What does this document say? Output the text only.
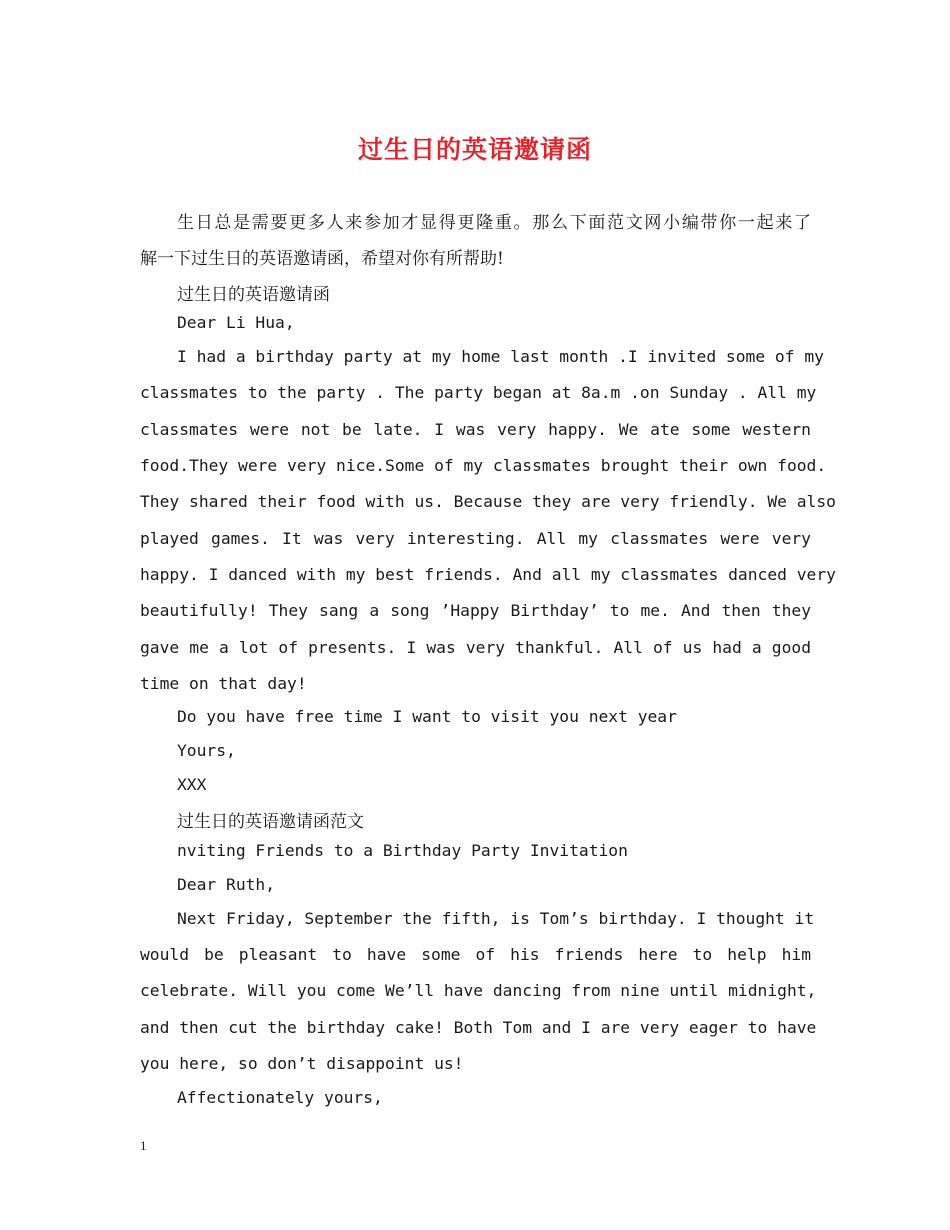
过生日的英语邀请函

生日总是需要更多人来参加才显得更隆重。那么下面范文网小编带你一起来了

解一下过生日的英语邀请函，希望对你有所帮助!

过生日的英语邀请函

Dear Li Hua,

I had a birthday party at my home last month .I invited some of my

classmates to the party . The party began at 8a.m .on Sunday . All my

classmates were not be late. I was very happy. We ate some western

food.They were very nice.Some of my classmates brought their own food.

They shared their food with us. Because they are very friendly. We also

played games. It was very interesting. All my classmates were very

happy. I danced with my best friends. And all my classmates danced very

beautifully! They sang a song ’Happy Birthday’ to me. And then they

gave me a lot of presents. I was very thankful. All of us had a good

time on that day!

Do you have free time I want to visit you next year

Yours,

XXX

过生日的英语邀请函范文

nviting Friends to a Birthday Party Invitation

Dear Ruth,

Next Friday, September the fifth, is Tom’s birthday. I thought it

would be pleasant to have some of his friends here to help him

celebrate. Will you come We’ll have dancing from nine until midnight,

and then cut the birthday cake! Both Tom and I are very eager to have

you here, so don’t disappoint us!

Affectionately yours,

1
